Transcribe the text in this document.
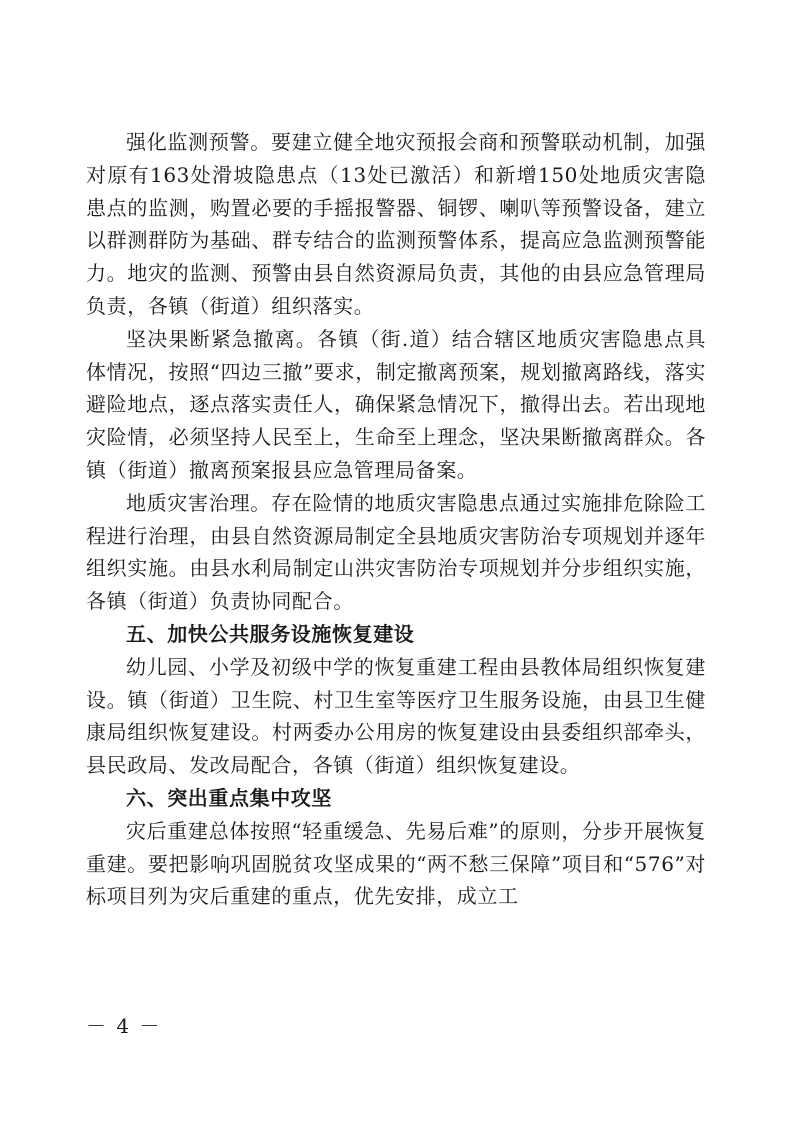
强化监测预警。要建立健全地灾预报会商和预警联动机制，加强对原有163处滑坡隐患点（13处已激活）和新增150处地质灾害隐患点的监测，购置必要的手摇报警器、铜锣、喇叭等预警设备，建立以群测群防为基础、群专结合的监测预警体系，提高应急监测预警能力。地灾的监测、预警由县自然资源局负责，其他的由县应急管理局负责，各镇（街道）组织落实。

坚决果断紧急撤离。各镇（街.道）结合辖区地质灾害隐患点具体情况，按照“四边三撤”要求，制定撤离预案，规划撤离路线，落实避险地点，逐点落实责任人，确保紧急情况下，撤得出去。若出现地灾险情，必须坚持人民至上，生命至上理念，坚决果断撤离群众。各镇（街道）撤离预案报县应急管理局备案。

地质灾害治理。存在险情的地质灾害隐患点通过实施排危除险工程进行治理，由县自然资源局制定全县地质灾害防治专项规划并逐年组织实施。由县水利局制定山洪灾害防治专项规划并分步组织实施，各镇（街道）负责协同配合。

五、加快公共服务设施恢复建设

幼儿园、小学及初级中学的恢复重建工程由县教体局组织恢复建设。镇（街道）卫生院、村卫生室等医疗卫生服务设施，由县卫生健康局组织恢复建设。村两委办公用房的恢复建设由县委组织部牵头，县民政局、发改局配合，各镇（街道）组织恢复建设。

六、突出重点集中攻坚

灾后重建总体按照“轻重缓急、先易后难”的原则，分步开展恢复重建。要把影响巩固脱贫攻坚成果的“两不愁三保障”项目和“576”对标项目列为灾后重建的重点，优先安排，成立工

－ 4 －
